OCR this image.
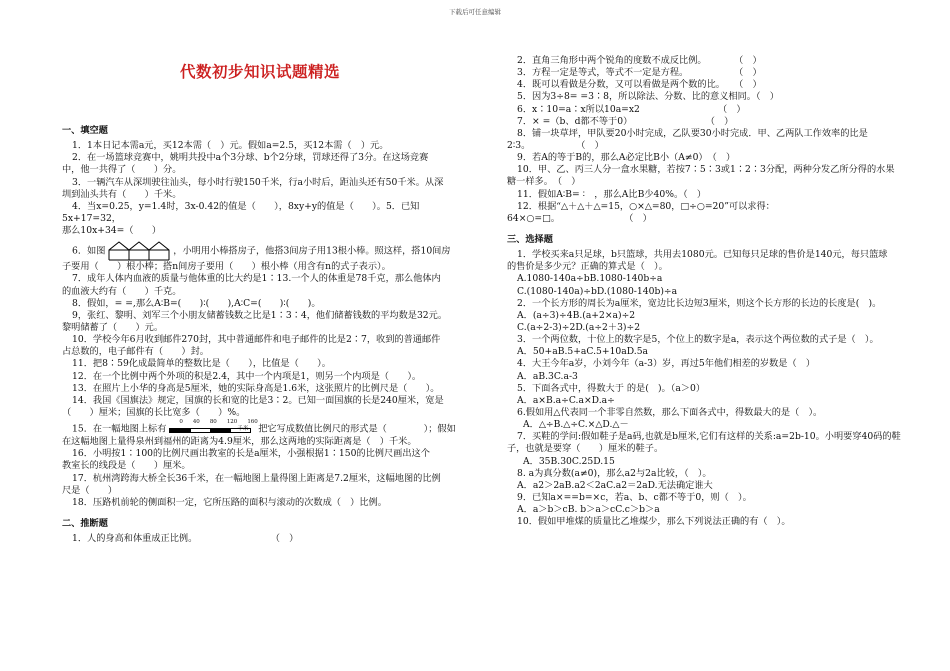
下载后可任意编辑
代数初步知识试题精选

一、填空题

1．1本日记本需a元，买12本需（　）元。假如a=2.5，买12本需（　）元。

2．在一场篮球竞赛中，姚明共投中a个3分球、b个2分球，罚球还得了3分。在这场竞赛

中，他一共得了（　　）分。

3．一辆汽车从深圳驶往汕头，每小时行驶150千米，行a小时后，距汕头还有50千米。从深

圳到汕头共有（　　）千米。

4．当x=0.25，y=1.4时，3x-0.42的值是（　　），8xy+y的值是（　　）。5．已知5x+17=32，

那么10x+34=（　　）

6．如图	，小明用小棒搭房子，他搭3间房子用13根小棒。照这样，搭10间房

子要用（　　）根小棒；搭n间房子要用（　　）根小棒（用含有n的式子表示）。

7．成年人体内血液的质量与他体重的比大约是1∶13.一个人的体重是78千克，那么他体内

的血液大约有（　　）千克。

8．假如，= =,那么A∶B=(　　)∶(　　),A∶C=(　　)∶(　　)。

9，张红、黎明、刘军三个小朋友储蓄钱数之比是1∶3∶4，他们储蓄钱数的平均数是32元。

黎明储蓄了（　　）元。

10．学校今年6月收到邮件270封，其中普通邮件和电子邮件的比是2∶7，收到的普通邮件

占总数的，电子邮件有（　　）封。

11．把8∶59化成最简单的整数比是（　　），比值是（　　）。

12．在一个比例中两个外项的积是2.4，其中一个内项是1，则另一个内项是（　　）。

13．在照片上小华的身高是5厘米，她的实际身高是1.6米，这张照片的比例尺是（　　）。

14．我国《国旗法》规定，国旗的长和宽的比是3∶2。已知一面国旗的长是240厘米，宽是

（　　）厘米；国旗的长比宽多（　　）%。

15．在一幅地图上标有
0	40	80	120	160千米	把它写成数值比例尺的形式是（　　　　）；假如

在这幅地图上量得泉州到福州的距离为4.9厘米，那么这两地的实际距离是（　）千米。

16．小明按1∶100的比例尺画出教室的长是a厘米，小强根据1∶150的比例尺画出这个

教室长的线段是（　　）厘米。

17．杭州湾跨海大桥全长36千米，在一幅地图上量得图上距离是7.2厘米，这幅地图的比例

尺是（　　）

18．压路机前轮的侧面积一定，它所压路的面积与滚动的次数成（　）比例。

二、推断题

1．人的身高和体重成正比例。　　　　　　　　　（　）

2．直角三角形中两个锐角的度数不成反比例。　　　　（　）

3．方程一定是等式，等式不一定是方程。　　　　　　（　）

4．既可以看做是分数，又可以看做是两个数的比。　　（　）

5．因为3÷8= =3∶8，所以除法、分数、比的意义相同。（　）

6．x∶10=a∶x所以10a=x2　　　　　　　　　（　）

7．× =（b、d都不等于0）　　　　　　　　　（　）

8．铺一块草坪，甲队要20小时完成，乙队要30小时完成．甲、乙两队工作效率的比是

2∶3。　　　　　　（　）

9．若A的等于B的，那么A必定比B小（A≠0）　（　）

10．甲、乙、丙三人分一盒水果糖，若按7∶5∶3或1∶2∶3分配，两种分发乙所分得的水果

糖一样多。　（　）

11．假如A∶B= ∶　，那么A比B少40%。（　）

12．根据“△＋△＋△=15，○×△=80，□÷○=20”可以求得：

64×○=□。　　　　　　　　（　）

三、选择题

1．学校买来a只足球，b只篮球，共用去1080元。已知每只足球的售价是140元，每只篮球

的售价是多少元？正确的算式是（　）。

A.1080-140a÷bB.1080-140b÷a

C.(1080-140a)÷bD.(1080-140b)÷a

2．一个长方形的周长为a厘米，宽边比长边短3厘米，则这个长方形的长边的长度是(　)。

A．(a÷3)÷4B.(a+2×a)÷2

C.(a÷2-3)÷2D.(a÷2＋3)÷2

3．一个两位数，十位上的数字是5，个位上的数字是a，表示这个两位数的式子是（　）。

A．50+aB.5+aC.5+10aD.5a

4．大王今年a岁，小刘今年（a-3）岁，再过5年他们相差的岁数是（　）

A．aB.3C.a-3

5．下面各式中，得数大于 的是(　)。（a＞0）

A．a×B.a÷C.a×D.a÷

6.假如用△代表同一个非零自然数，那么下面各式中，得数最大的是（　）。

A．△÷B.△÷C.×△D.△－

7．买鞋的学问:假如鞋子是a码,也就是b厘米,它们有这样的关系:a=2b-10。小明要穿40码的鞋

子，也就是要穿（　　）厘米的鞋子。

A．35B.30C.25D.15

8. a为真分数(a≠0)，那么a2与2a比较，（　）。

A．a2＞2aB.a2＜2aC.a2＝2aD.无法确定谁大

9．已知a×==b=×c，若a、b、c都不等于0，则（　）。

A．a＞b＞cB. b＞a＞cC.c＞b＞a

10．假如甲堆煤的质量比乙堆煤少，那么下列说法正确的有（　）。
